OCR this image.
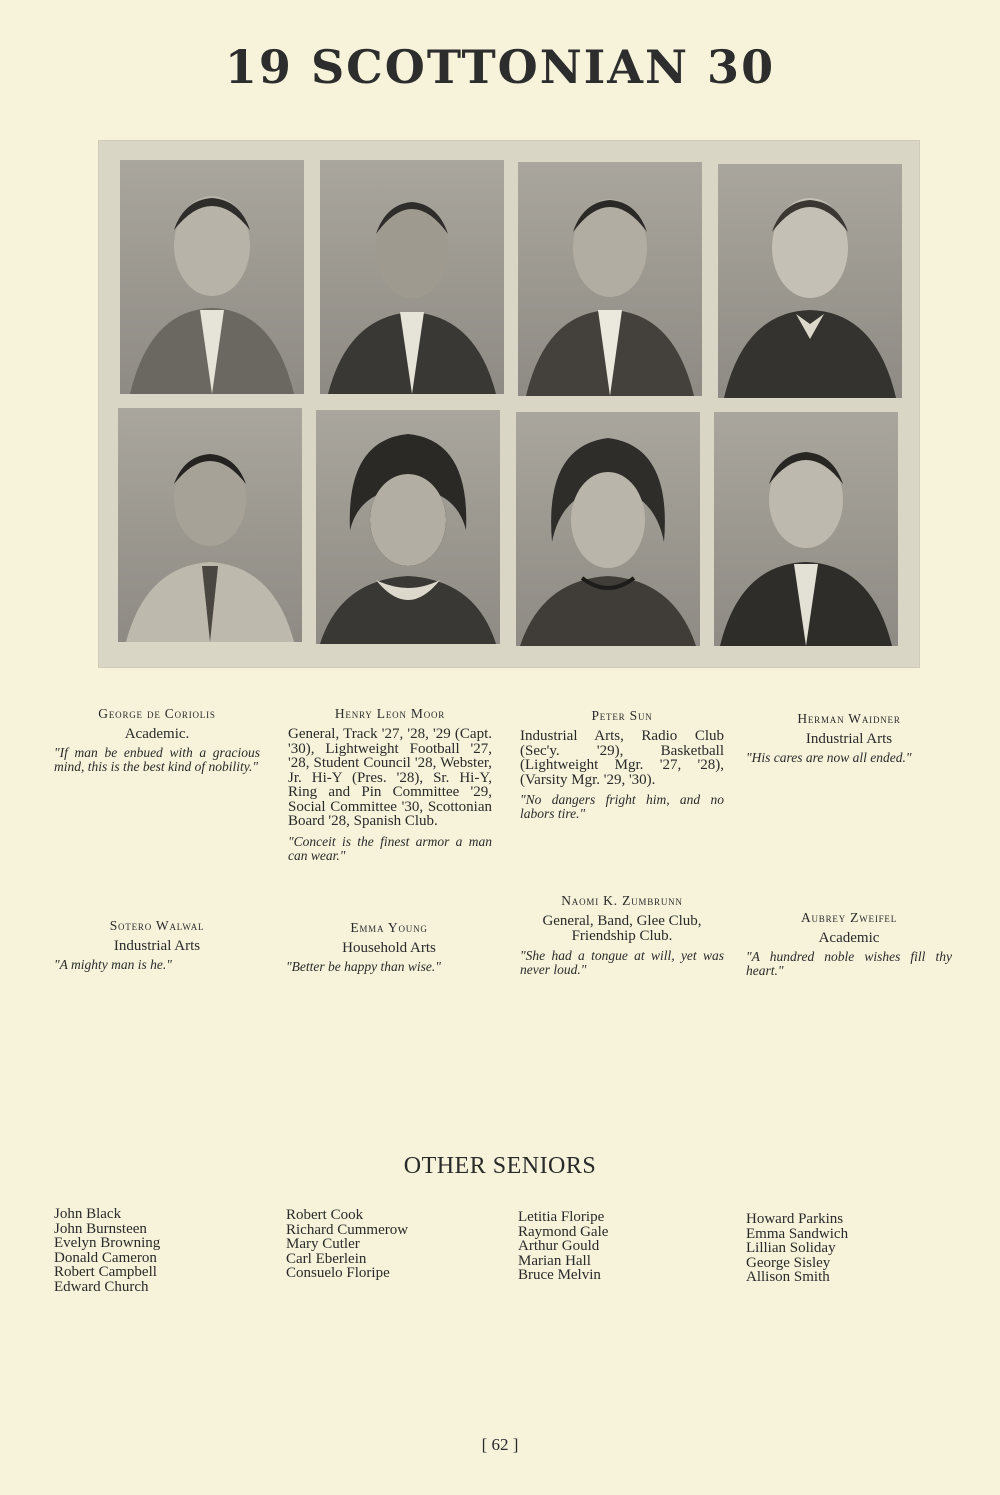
19 SCOTTONIAN 30
George de Coriolis
Academic.
"If man be enbued with a gracious mind, this is the best kind of nobility."
Henry Leon Moor
General, Track '27, '28, '29 (Capt. '30), Lightweight Football '27, '28, Student Council '28, Webster, Jr. Hi-Y (Pres. '28), Sr. Hi-Y, Ring and Pin Committee '29, Social Committee '30, Scottonian Board '28, Spanish Club.
"Conceit is the finest armor a man can wear."
Peter Sun
Industrial Arts, Radio Club (Sec'y. '29), Basketball (Lightweight Mgr. '27, '28), (Varsity Mgr. '29, '30).
"No dangers fright him, and no labors tire."
Herman Waidner
Industrial Arts
"His cares are now all ended."
Sotero Walwal
Industrial Arts
"A mighty man is he."
Emma Young
Household Arts
"Better be happy than wise."
Naomi K. Zumbrunn
General, Band, Glee Club, Friendship Club.
"She had a tongue at will, yet was never loud."
Aubrey Zweifel
Academic
"A hundred noble wishes fill thy heart."
OTHER SENIORS
John Black
John Burnsteen
Evelyn Browning
Donald Cameron
Robert Campbell
Edward Church
Robert Cook
Richard Cummerow
Mary Cutler
Carl Eberlein
Consuelo Floripe
Letitia Floripe
Raymond Gale
Arthur Gould
Marian Hall
Bruce Melvin
Howard Parkins
Emma Sandwich
Lillian Soliday
George Sisley
Allison Smith
[ 62 ]
